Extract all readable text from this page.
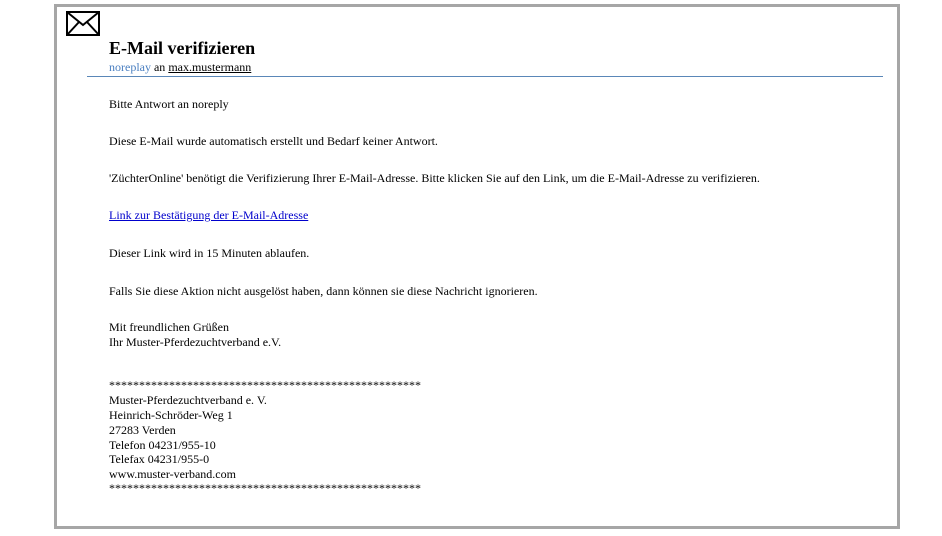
E-Mail verifizieren
noreplay an max.mustermann
Bitte Antwort an noreply
Diese E-Mail wurde automatisch erstellt und Bedarf keiner Antwort.
'ZüchterOnline' benötigt die Verifizierung Ihrer E-Mail-Adresse. Bitte klicken Sie auf den Link, um die E-Mail-Adresse zu verifizieren.
Link zur Bestätigung der E-Mail-Adresse
Dieser Link wird in 15 Minuten ablaufen.
Falls Sie diese Aktion nicht ausgelöst haben, dann können sie diese Nachricht ignorieren.
Mit freundlichen Grüßen
Ihr Muster-Pferdezuchtverband e.V.
****************************************************
Muster-Pferdezuchtverband e. V.
Heinrich-Schröder-Weg 1
27283 Verden
Telefon 04231/955-10
Telefax 04231/955-0
www.muster-verband.com
****************************************************
